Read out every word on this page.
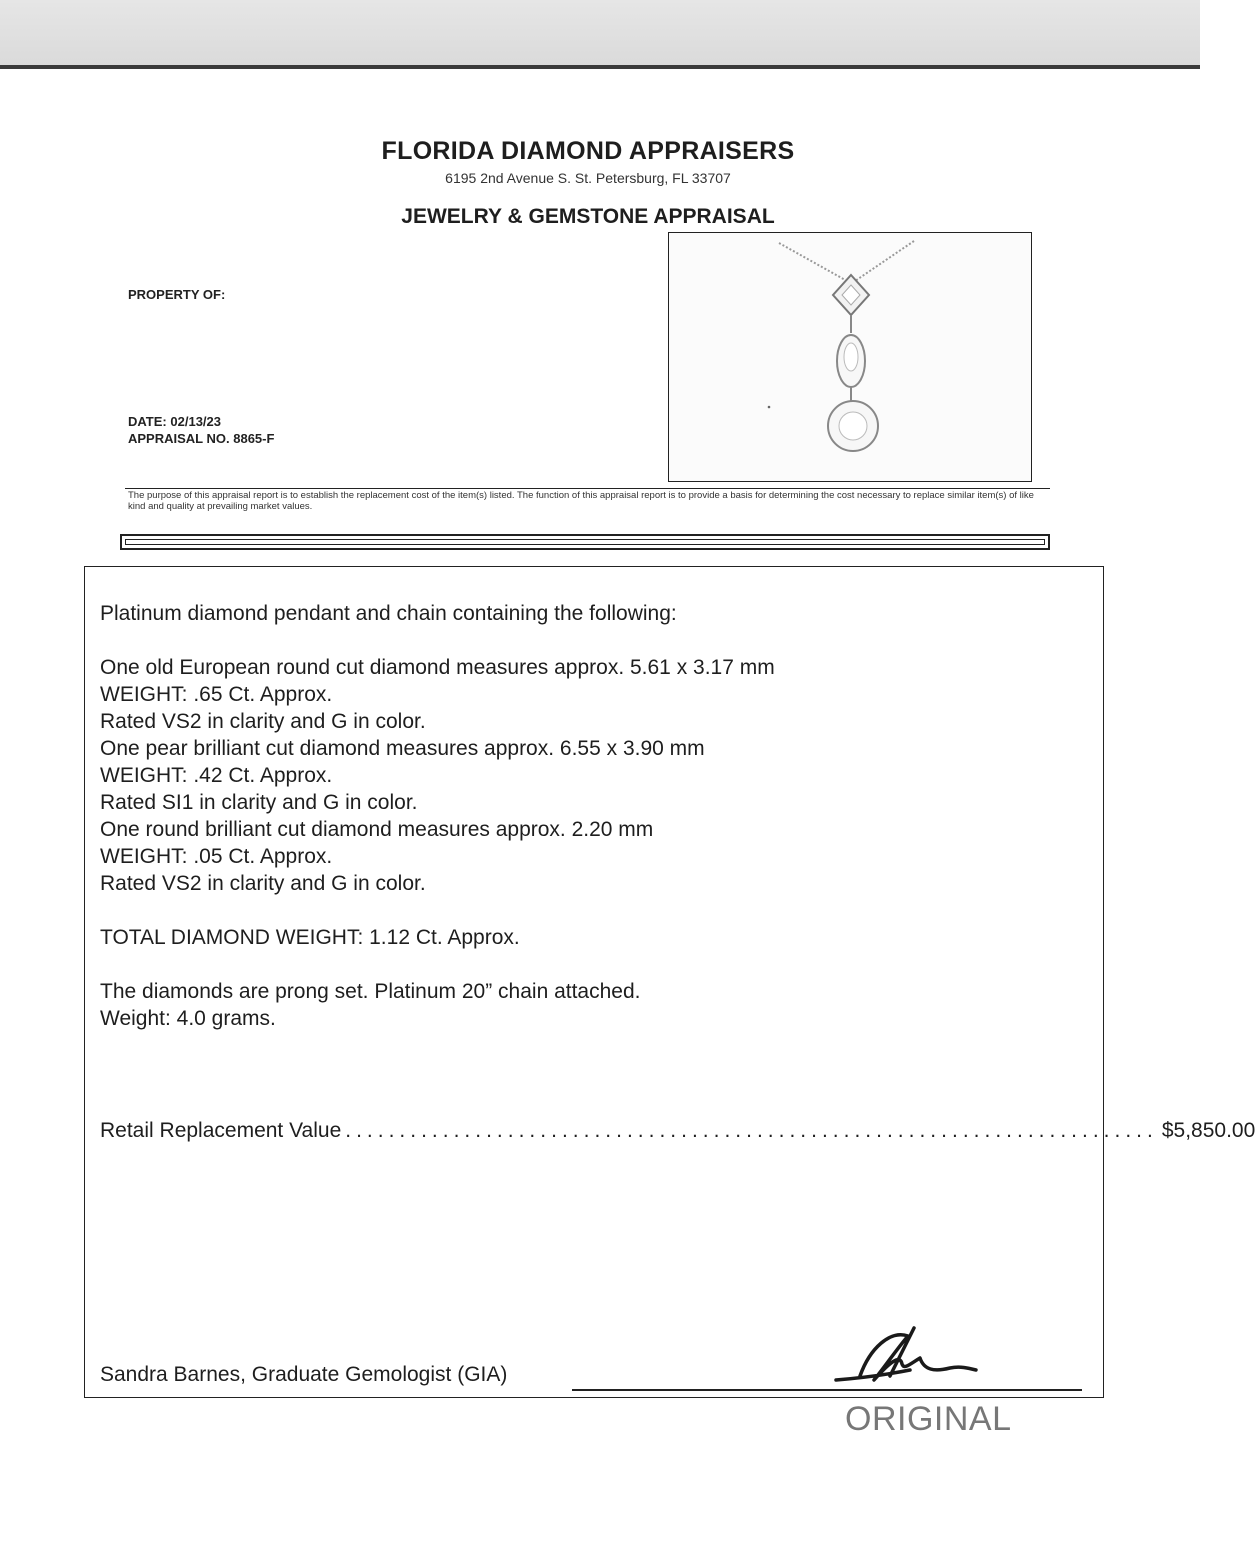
FLORIDA DIAMOND APPRAISERS
6195 2nd Avenue S. St. Petersburg, FL 33707
JEWELRY & GEMSTONE APPRAISAL
PROPERTY OF:
DATE: 02/13/23
APPRAISAL NO. 8865-F

The purpose of this appraisal report is to establish the replacement cost of the item(s) listed. The function of this appraisal report is to provide a basis for determining the cost necessary to replace similar item(s) of like kind and quality at prevailing market values.

Platinum diamond pendant and chain containing the following:
One old European round cut diamond measures approx. 5.61 x 3.17 mm
WEIGHT: .65 Ct. Approx.
Rated VS2 in clarity and G in color.
One pear brilliant cut diamond measures approx. 6.55 x 3.90 mm
WEIGHT: .42 Ct. Approx.
Rated SI1 in clarity and G in color.
One round brilliant cut diamond measures approx. 2.20 mm
WEIGHT: .05 Ct. Approx.
Rated VS2 in clarity and G in color.
TOTAL DIAMOND WEIGHT: 1.12 Ct. Approx.
The diamonds are prong set. Platinum 20” chain attached.
Weight: 4.0 grams.
Retail Replacement Value ........................................................................... $5,850.00
Sandra Barnes, Graduate Gemologist (GIA)
ORIGINAL
